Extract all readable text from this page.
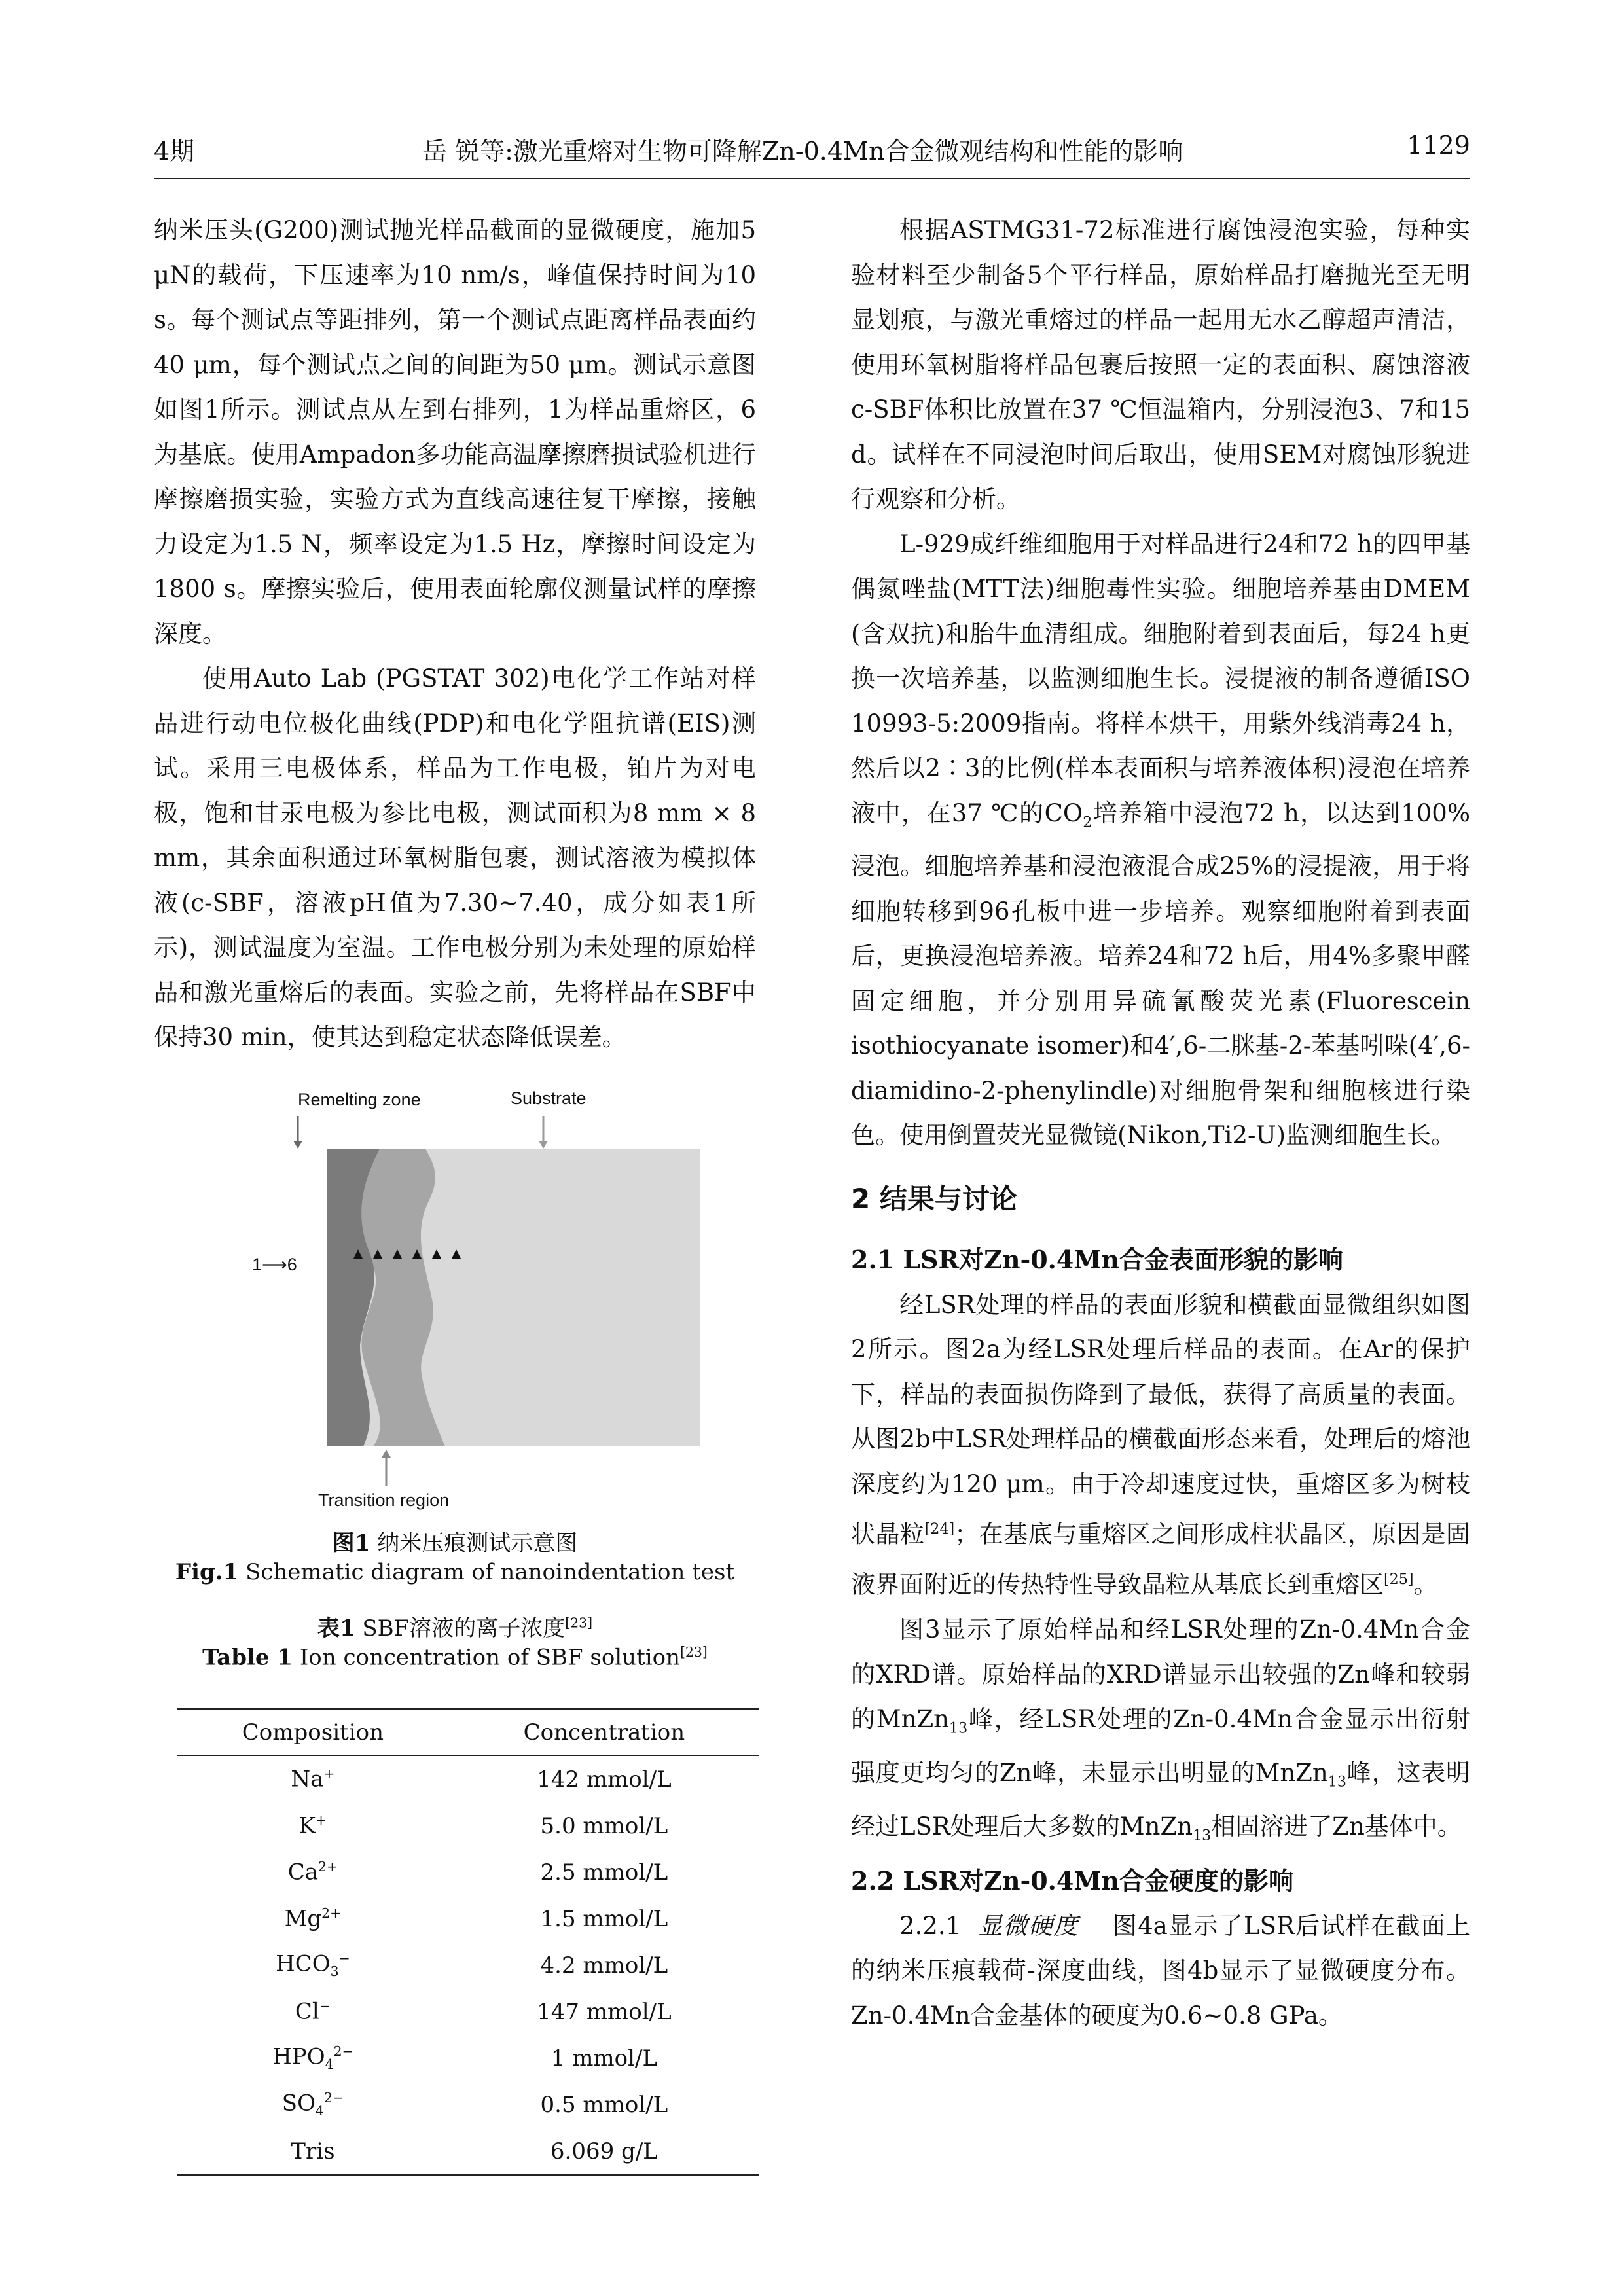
4期	岳 锐等:激光重熔对生物可降解Zn-0.4Mn合金微观结构和性能的影响	1129

纳米压头(G200)测试抛光样品截面的显微硬度，施加5 μN的载荷，下压速率为10 nm/s，峰值保持时间为10 s。每个测试点等距排列，第一个测试点距离样品表面约40 μm，每个测试点之间的间距为50 μm。测试示意图如图1所示。测试点从左到右排列，1为样品重熔区，6为基底。使用Ampadon多功能高温摩擦磨损试验机进行摩擦磨损实验，实验方式为直线高速往复干摩擦，接触力设定为1.5 N，频率设定为1.5 Hz，摩擦时间设定为1800 s。摩擦实验后，使用表面轮廓仪测量试样的摩擦深度。

使用Auto Lab (PGSTAT 302)电化学工作站对样品进行动电位极化曲线(PDP)和电化学阻抗谱(EIS)测试。采用三电极体系，样品为工作电极，铂片为对电极，饱和甘汞电极为参比电极，测试面积为8 mm × 8 mm，其余面积通过环氧树脂包裹，测试溶液为模拟体液(c-SBF，溶液pH值为7.30~7.40，成分如表1所示)，测试温度为室温。工作电极分别为未处理的原始样品和激光重熔后的表面。实验之前，先将样品在SBF中保持30 min，使其达到稳定状态降低误差。

Remelting zone	Substrate
1⟶6
Transition region
图1 纳米压痕测试示意图
Fig.1 Schematic diagram of nanoindentation test
表1 SBF溶液的离子浓度[23]
Table 1 Ion concentration of SBF solution[23]
Composition	Concentration
Na+	142 mmol/L
K+	5.0 mmol/L
$Ca^{2+}$	2.5 mmol/L
$Mg^{2+}$	1.5 mmol/L
$HCO_3^-$	4.2 mmol/L
Cl−	147 mmol/L
$HPO_4^{2-}$	1 mmol/L
$SO_4^{2-}$	0.5 mmol/L
Tris	6.069 g/L

根据ASTMG31-72标准进行腐蚀浸泡实验，每种实验材料至少制备5个平行样品，原始样品打磨抛光至无明显划痕，与激光重熔过的样品一起用无水乙醇超声清洁，使用环氧树脂将样品包裹后按照一定的表面积、腐蚀溶液c-SBF体积比放置在37 ℃恒温箱内，分别浸泡3、7和15 d。试样在不同浸泡时间后取出，使用SEM对腐蚀形貌进行观察和分析。

L-929成纤维细胞用于对样品进行24和72 h的四甲基偶氮唑盐(MTT法)细胞毒性实验。细胞培养基由DMEM (含双抗)和胎牛血清组成。细胞附着到表面后，每24 h更换一次培养基，以监测细胞生长。浸提液的制备遵循ISO 10993-5:2009指南。将样本烘干，用紫外线消毒24 h，然后以2∶3的比例(样本表面积与培养液体积)浸泡在培养液中，在37 ℃的$CO_2$培养箱中浸泡72 h，以达到100%浸泡。细胞培养基和浸泡液混合成25%的浸提液，用于将细胞转移到96孔板中进一步培养。观察细胞附着到表面后，更换浸泡培养液。培养24和72 h后，用4%多聚甲醛固定细胞，并分别用异硫氰酸荧光素(Fluorescein isothiocyanate isomer)和4′,6-二脒基-2-苯基吲哚(4′,6-diamidino-2-phenylindle)对细胞骨架和细胞核进行染色。使用倒置荧光显微镜(Nikon,Ti2-U)监测细胞生长。

2 结果与讨论
2.1 LSR对Zn-0.4Mn合金表面形貌的影响

经LSR处理的样品的表面形貌和横截面显微组织如图2所示。图2a为经LSR处理后样品的表面。在Ar的保护下，样品的表面损伤降到了最低，获得了高质量的表面。从图2b中LSR处理样品的横截面形态来看，处理后的熔池深度约为120 μm。由于冷却速度过快，重熔区多为树枝状晶粒[24]；在基底与重熔区之间形成柱状晶区，原因是固液界面附近的传热特性导致晶粒从基底长到重熔区[25]。

图3显示了原始样品和经LSR处理的Zn-0.4Mn合金的XRD谱。原始样品的XRD谱显示出较强的Zn峰和较弱的MnZn$_{13}$峰，经LSR处理的Zn-0.4Mn合金显示出衍射强度更均匀的Zn峰，未显示出明显的MnZn$_{13}$峰，这表明经过LSR处理后大多数的MnZn$_{13}$相固溶进了Zn基体中。

2.2 LSR对Zn-0.4Mn合金硬度的影响

2.2.1 显微硬度 图4a显示了LSR后试样在截面上的纳米压痕载荷-深度曲线，图4b显示了显微硬度分布。Zn-0.4Mn合金基体的硬度为0.6~0.8 GPa。
